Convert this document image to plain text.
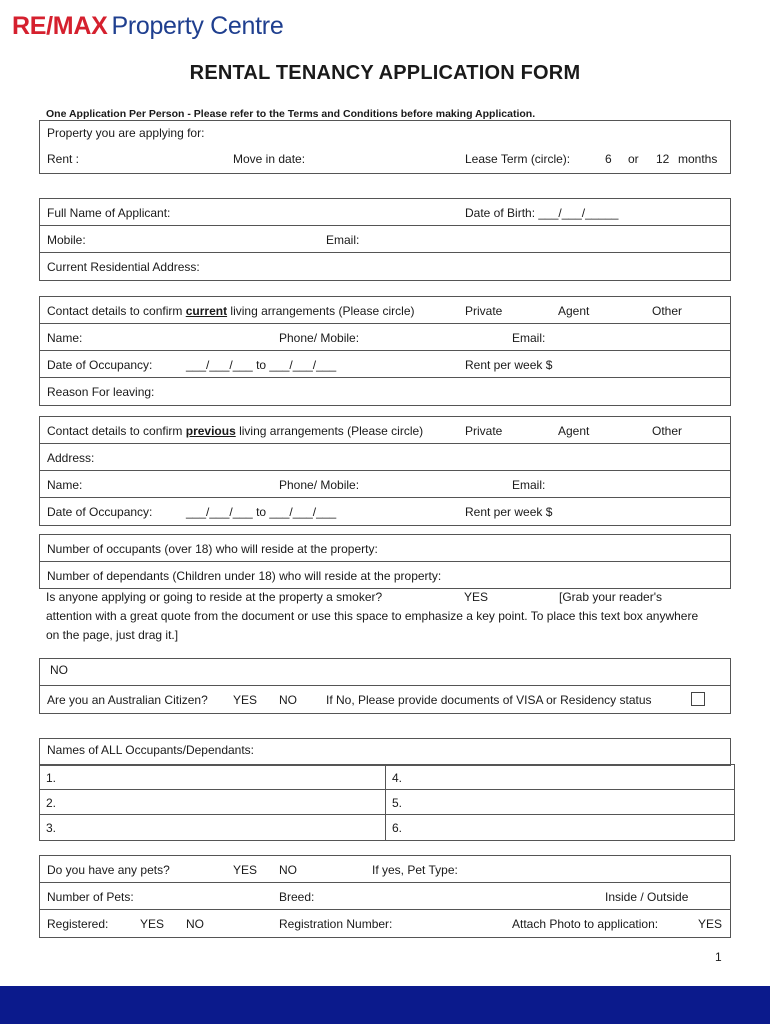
RE/MAX Property Centre
RENTAL TENANCY APPLICATION FORM
One Application Per Person - Please refer to the Terms and Conditions before making Application.
Property you are applying for:
Rent :	Move in date:	Lease Term (circle):	6 or 12 months
Full Name of Applicant:	Date of Birth: ___/___/_____
Mobile:	Email:
Current Residential Address:
Contact details to confirm current living arrangements (Please circle)	Private	Agent	Other
Name:	Phone/ Mobile:	Email:
Date of Occupancy:	___/___/___ to ___/___/___	Rent per week $
Reason For leaving:
Contact details to confirm previous living arrangements (Please circle)	Private	Agent	Other
Address:
Name:	Phone/ Mobile:	Email:
Date of Occupancy:	___/___/___ to ___/___/___	Rent per week $
Number of occupants (over 18) who will reside at the property:
Number of dependants (Children under 18) who will reside at the property:
Is anyone applying or going to reside at the property a smoker?	YES	[Grab your reader's
attention with a great quote from the document or use this space to emphasize a key point. To place this text box anywhere on the page, just drag it.]
NO
Are you an Australian Citizen? YES NO If No, Please provide documents of VISA or Residency status
Names of ALL Occupants/Dependants:
1.	4.
2.	5.
3.	6.
Do you have any pets?	YES NO	If yes, Pet Type:
Number of Pets:	Breed:	Inside / Outside
Registered:	YES NO	Registration Number:	Attach Photo to application:	YES
1
